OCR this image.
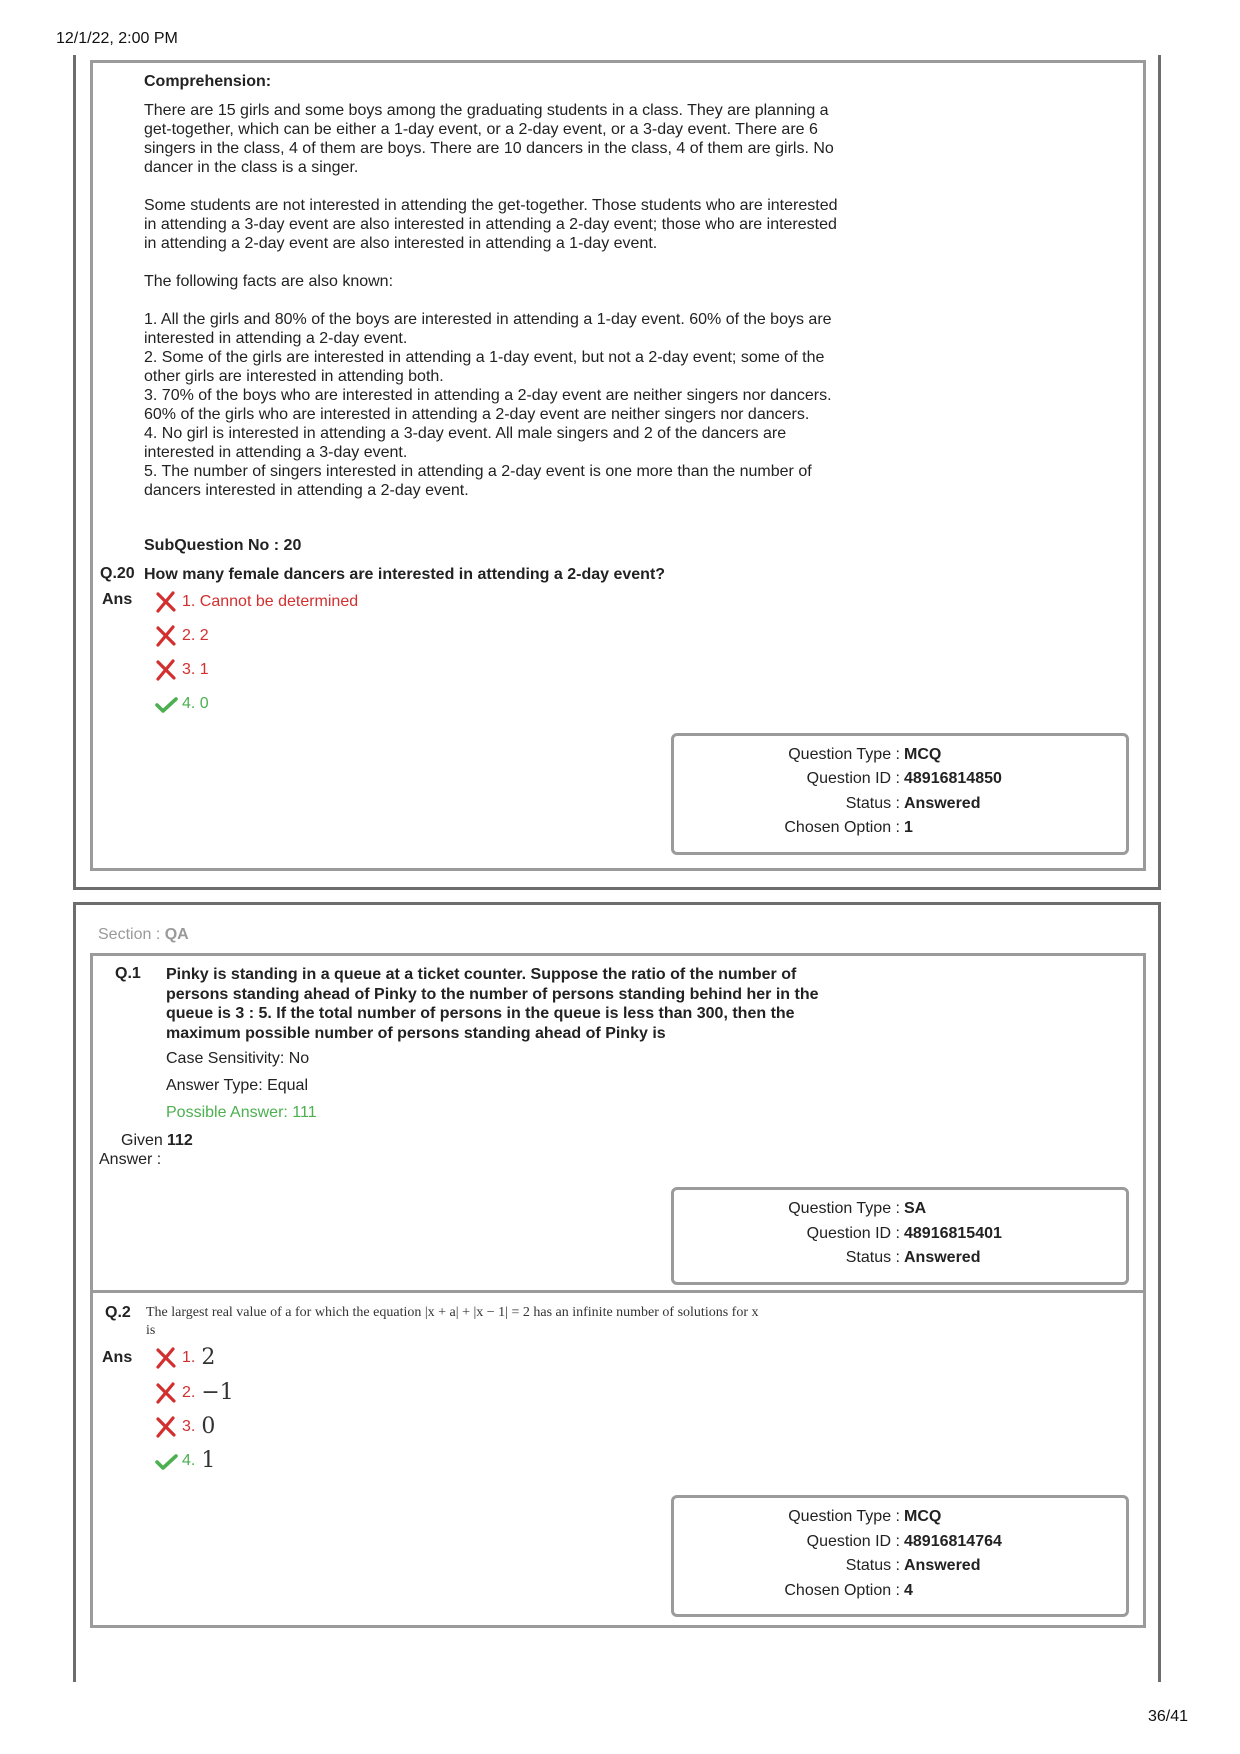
12/1/22, 2:00 PM
36/41
Comprehension:
There are 15 girls and some boys among the graduating students in a class. They are planning a get-together, which can be either a 1-day event, or a 2-day event, or a 3-day event. There are 6 singers in the class, 4 of them are boys. There are 10 dancers in the class, 4 of them are girls. No dancer in the class is a singer.
Some students are not interested in attending the get-together. Those students who are interested in attending a 3-day event are also interested in attending a 2-day event; those who are interested in attending a 2-day event are also interested in attending a 1-day event.
The following facts are also known:
1. All the girls and 80% of the boys are interested in attending a 1-day event. 60% of the boys are interested in attending a 2-day event.
2. Some of the girls are interested in attending a 1-day event, but not a 2-day event; some of the other girls are interested in attending both.
3. 70% of the boys who are interested in attending a 2-day event are neither singers nor dancers. 60% of the girls who are interested in attending a 2-day event are neither singers nor dancers.
4. No girl is interested in attending a 3-day event. All male singers and 2 of the dancers are interested in attending a 3-day event.
5. The number of singers interested in attending a 2-day event is one more than the number of dancers interested in attending a 2-day event.
SubQuestion No : 20
Q.20 How many female dancers are interested in attending a 2-day event?
Ans	1. Cannot be determined
2. 2
3. 1
4. 0
Question Type : MCQ
Question ID : 48916814850
Status : Answered
Chosen Option : 1
Section : QA
Q.1 Pinky is standing in a queue at a ticket counter. Suppose the ratio of the number of persons standing ahead of Pinky to the number of persons standing behind her in the queue is 3 : 5. If the total number of persons in the queue is less than 300, then the maximum possible number of persons standing ahead of Pinky is
Case Sensitivity: No
Answer Type: Equal
Possible Answer: 111
Given
Answer :
112
Question Type : SA
Question ID : 48916815401
Status : Answered
Q.2 The largest real value of a for which the equation |x + a| + |x − 1| = 2 has an infinite number of solutions for x
is
Ans	1. 2
2. −1
3. 0
4. 1
Question Type : MCQ
Question ID : 48916814764
Status : Answered
Chosen Option : 4
